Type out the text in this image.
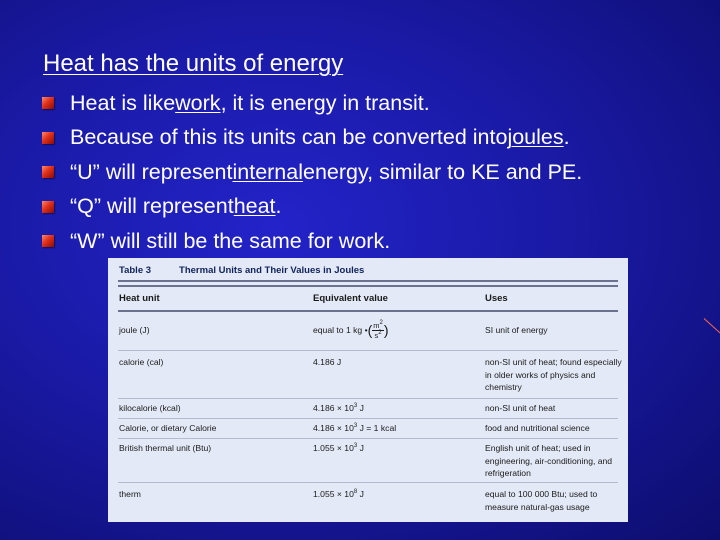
Heat has the units of energy
Heat is like work , it is energy in transit.
Because of this its units can be converted into joules .
“U” will represent internal energy, similar to KE and PE.
“Q” will represent heat .
“W” will still be the same for work.
Table 3	Thermal Units and Their Values in Joules
Heat unit	Equivalent value	Uses
joule (J)	equal to 1 kg • ( $\frac{m^2}{s^2}$ )	SI unit of energy
calorie (cal)	4.186 J	non-SI unit of heat; found especially in older works of physics and chemistry
kilocalorie (kcal)	$4.186 \times 10^3$ J	non-SI unit of heat
Calorie, or dietary Calorie	$4.186 \times 10^3$ J = 1 kcal	food and nutritional science
British thermal unit (Btu)	$1.055 \times 10^3$ J	English unit of heat; used in engineering, air-conditioning, and refrigeration
therm	$1.055 \times 10^8$ J	equal to 100 000 Btu; used to measure natural-gas usage
